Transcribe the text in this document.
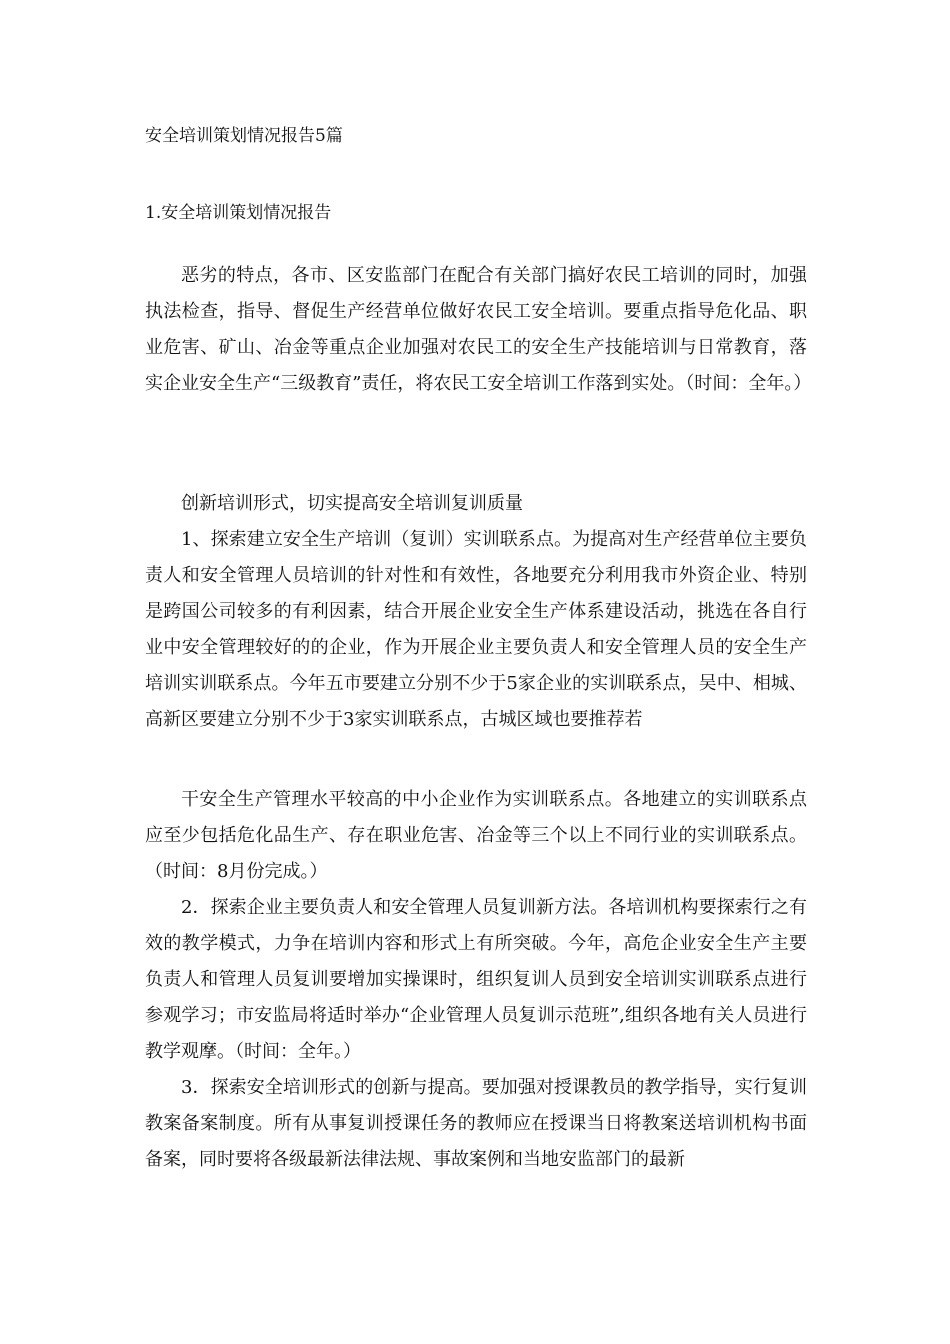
安全培训策划情况报告5篇
1.安全培训策划情况报告

恶劣的特点，各市、区安监部门在配合有关部门搞好农民工培训的同时，加强执法检查，指导、督促生产经营单位做好农民工安全培训。要重点指导危化品、职业危害、矿山、冶金等重点企业加强对农民工的安全生产技能培训与日常教育，落实企业安全生产“三级教育”责任，将农民工安全培训工作落到实处。（时间：全年。）

创新培训形式，切实提高安全培训复训质量

1、探索建立安全生产培训（复训）实训联系点。为提高对生产经营单位主要负责人和安全管理人员培训的针对性和有效性，各地要充分利用我市外资企业、特别是跨国公司较多的有利因素，结合开展企业安全生产体系建设活动，挑选在各自行业中安全管理较好的的企业，作为开展企业主要负责人和安全管理人员的安全生产培训实训联系点。今年五市要建立分别不少于5家企业的实训联系点，吴中、相城、高新区要建立分别不少于3家实训联系点，古城区域也要推荐若

干安全生产管理水平较高的中小企业作为实训联系点。各地建立的实训联系点应至少包括危化品生产、存在职业危害、冶金等三个以上不同行业的实训联系点。（时间：8月份完成。）

2．探索企业主要负责人和安全管理人员复训新方法。各培训机构要探索行之有效的教学模式，力争在培训内容和形式上有所突破。今年，高危企业安全生产主要负责人和管理人员复训要增加实操课时，组织复训人员到安全培训实训联系点进行参观学习；市安监局将适时举办“企业管理人员复训示范班”,组织各地有关人员进行教学观摩。（时间：全年。）

3．探索安全培训形式的创新与提高。要加强对授课教员的教学指导，实行复训教案备案制度。所有从事复训授课任务的教师应在授课当日将教案送培训机构书面备案，同时要将各级最新法律法规、事故案例和当地安监部门的最新
